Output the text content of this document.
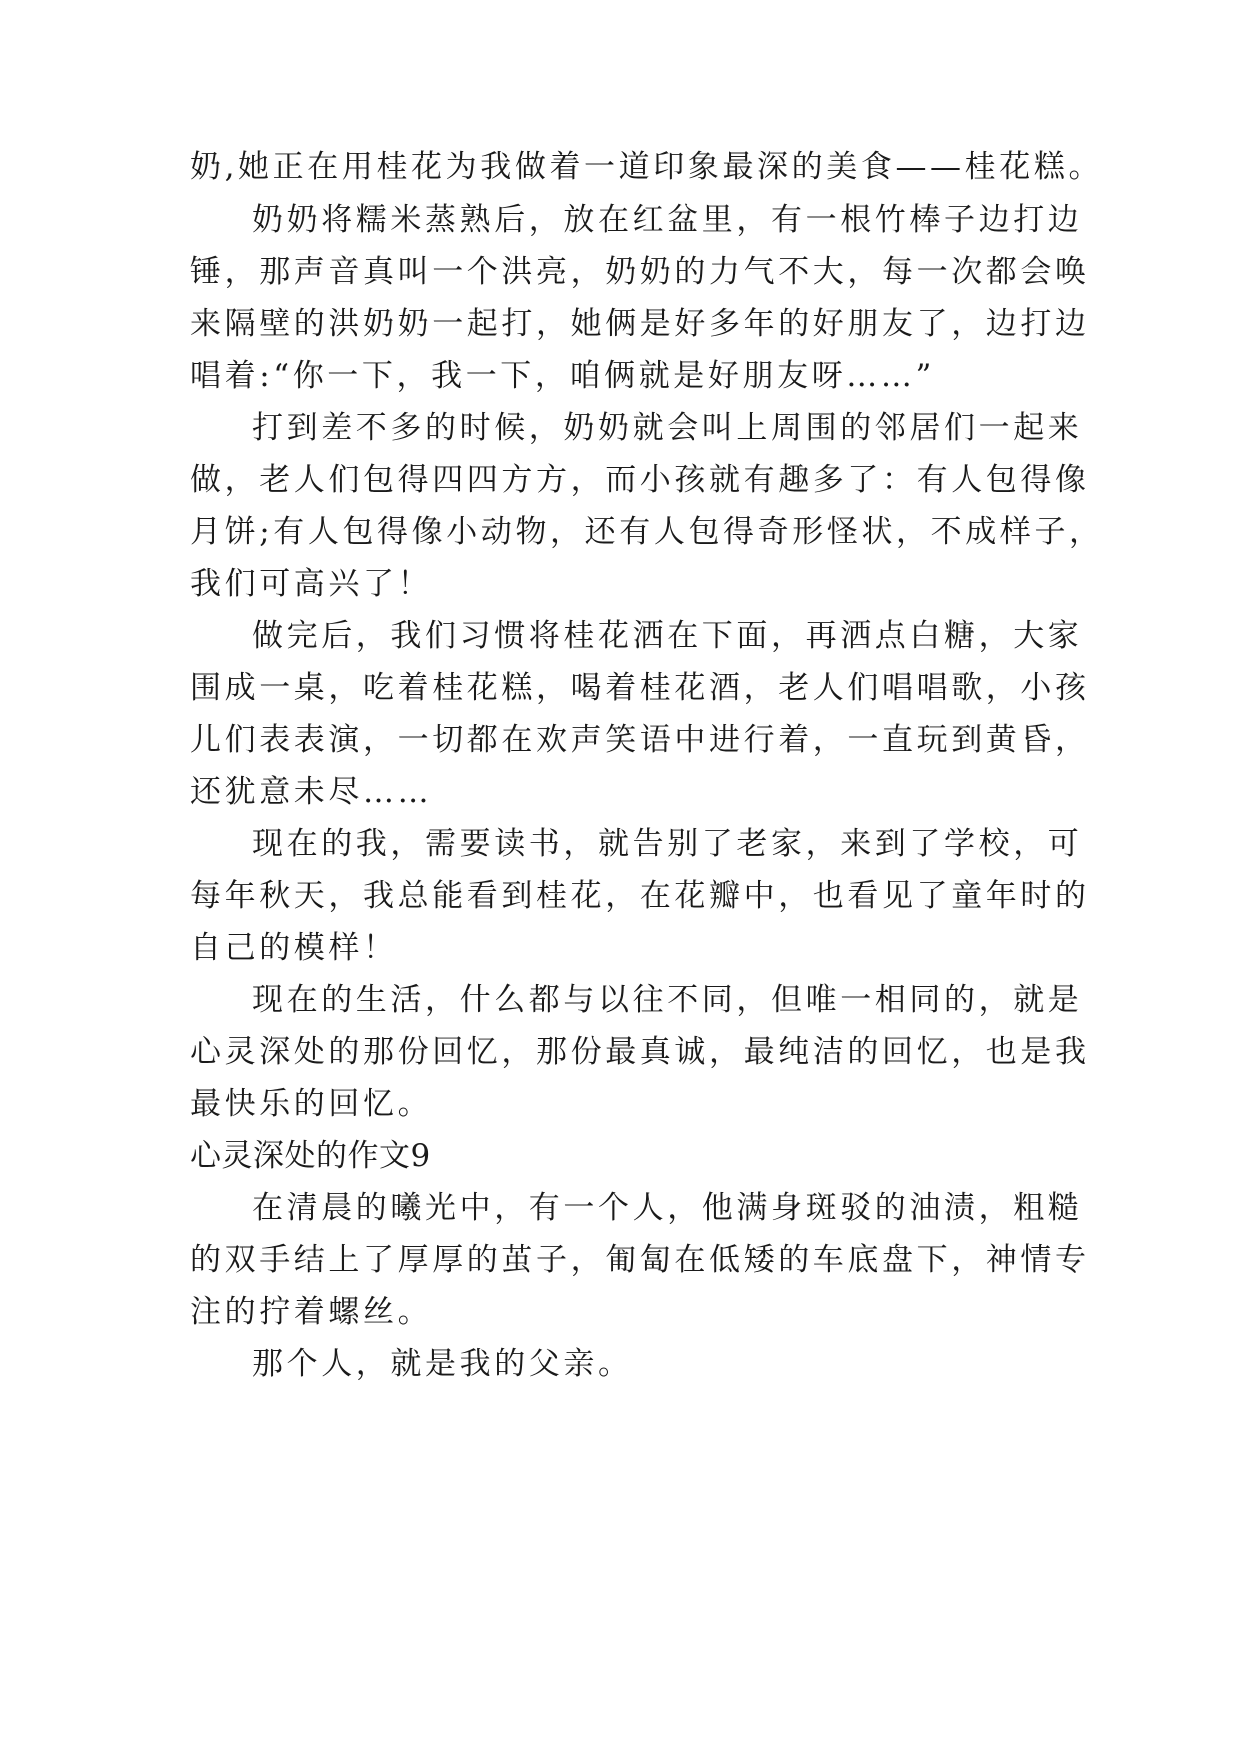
奶,她正在用桂花为我做着一道印象最深的美食——桂花糕。
奶奶将糯米蒸熟后，放在红盆里，有一根竹棒子边打边
锤，那声音真叫一个洪亮，奶奶的力气不大，每一次都会唤
来隔壁的洪奶奶一起打，她俩是好多年的好朋友了，边打边
唱着:“你一下，我一下，咱俩就是好朋友呀……”
打到差不多的时候，奶奶就会叫上周围的邻居们一起来
做，老人们包得四四方方，而小孩就有趣多了：有人包得像
月饼;有人包得像小动物，还有人包得奇形怪状，不成样子，
我们可高兴了！
做完后，我们习惯将桂花洒在下面，再洒点白糖，大家
围成一桌，吃着桂花糕，喝着桂花酒，老人们唱唱歌，小孩
儿们表表演，一切都在欢声笑语中进行着，一直玩到黄昏，
还犹意未尽……
现在的我，需要读书，就告别了老家，来到了学校，可
每年秋天，我总能看到桂花，在花瓣中，也看见了童年时的
自己的模样！
现在的生活，什么都与以往不同，但唯一相同的，就是
心灵深处的那份回忆，那份最真诚，最纯洁的回忆，也是我
最快乐的回忆。
心灵深处的作文9
在清晨的曦光中，有一个人，他满身斑驳的油渍，粗糙
的双手结上了厚厚的茧子，匍匐在低矮的车底盘下，神情专
注的拧着螺丝。
那个人，就是我的父亲。
